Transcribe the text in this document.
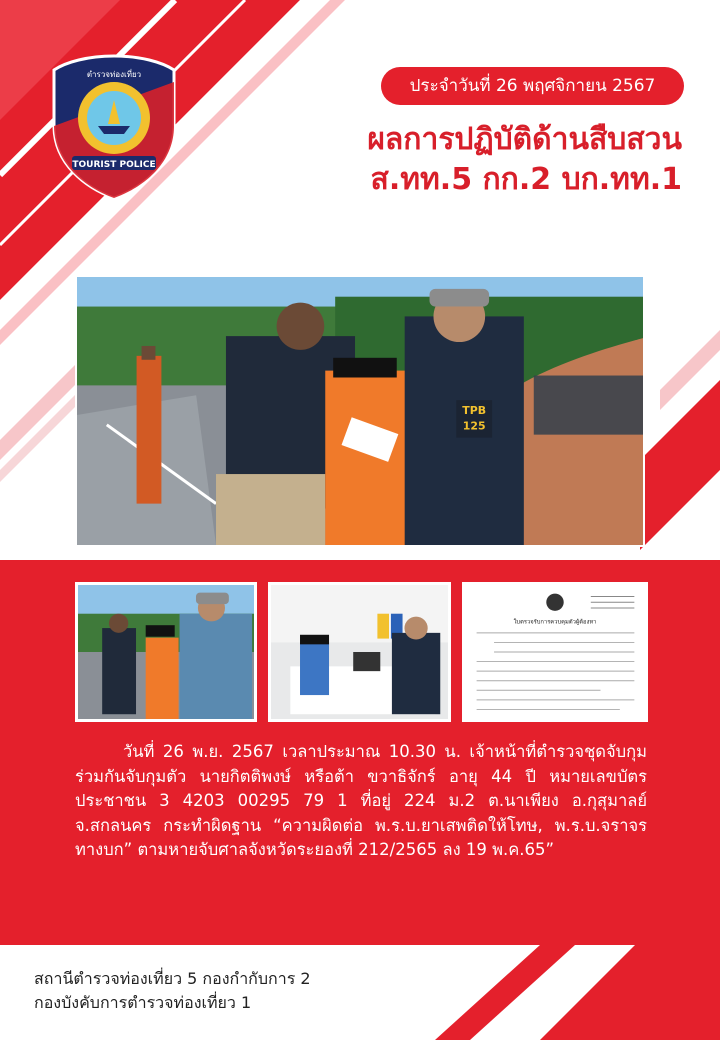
TOURIST POLICE
ตำรวจท่องเที่ยว
ประจำวันที่ 26 พฤศจิกายน 2567
ผลการปฏิบัติด้านสืบสวน
ส.ทท.5 กก.2 บก.ทท.1
TPB
125
ใบตรวจรับการควบคุมตัวผู้ต้องหา
วันที่ 26 พ.ย. 2567 เวลาประมาณ 10.30 น. เจ้าหน้าที่ตำรวจชุดจับกุม ร่วมกันจับกุมตัว นายกิตติพงษ์ หรือต้า ขวาธิจักร์ อายุ 44 ปี หมายเลขบัตรประชาชน 3 4203 00295 79 1 ที่อยู่ 224 ม.2 ต.นาเพียง อ.กุสุมาลย์ จ.สกลนคร กระทำผิดฐาน “ความผิดต่อ พ.ร.บ.ยาเสพติดให้โทษ, พ.ร.บ.จราจรทางบก” ตามหายจับศาลจังหวัดระยองที่ 212/2565 ลง 19 พ.ค.65”
สถานีตำรวจท่องเที่ยว 5 กองกำกับการ 2
กองบังคับการตำรวจท่องเที่ยว 1
